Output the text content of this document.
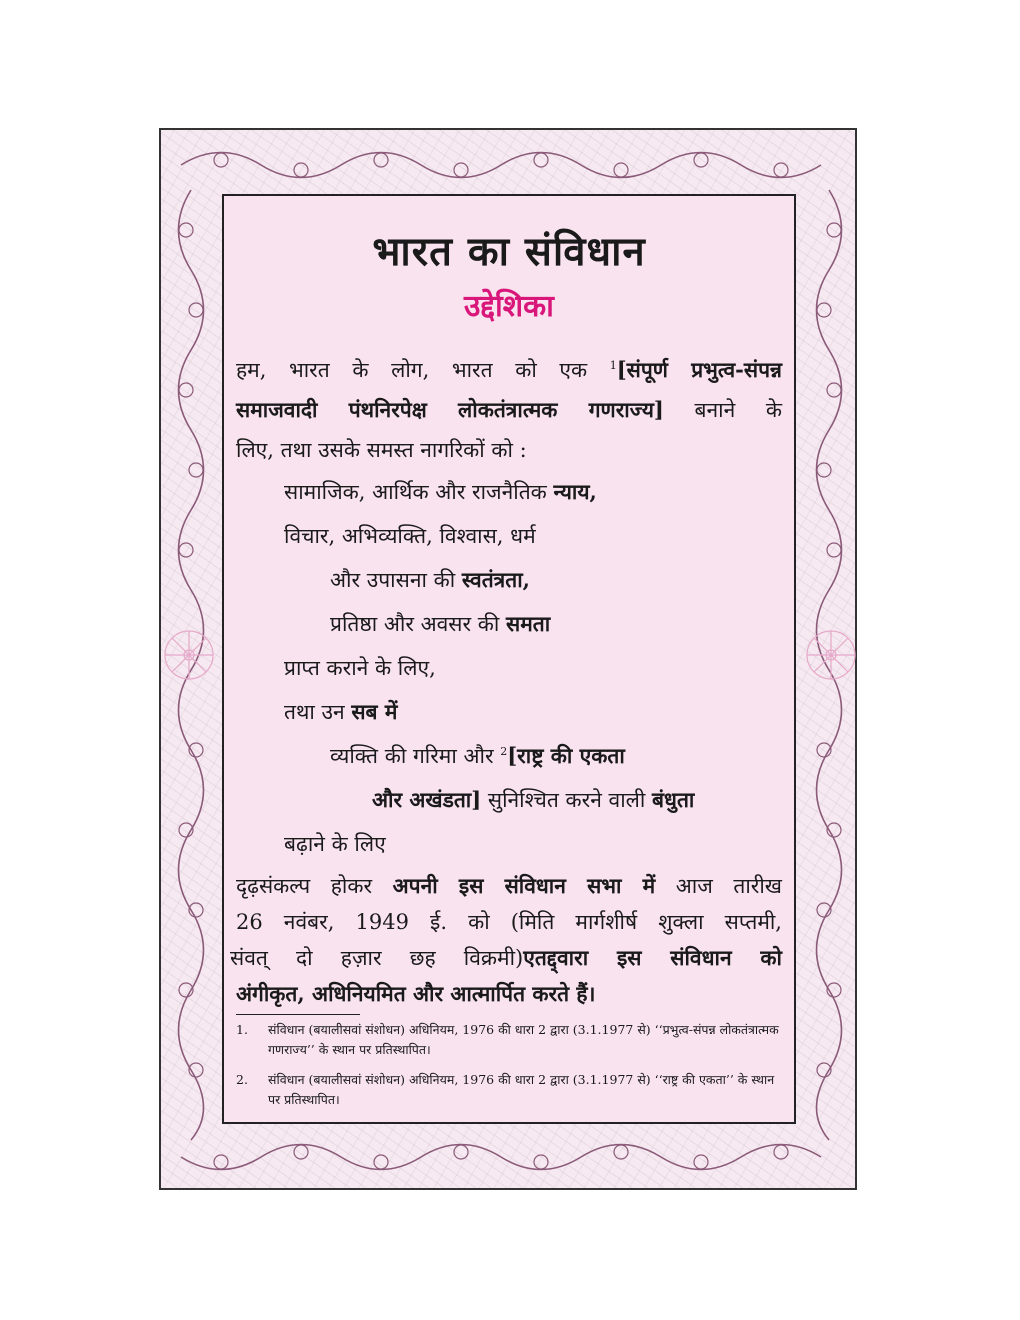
भारत का संविधान
उद्देशिका
हम, भारत के लोग, भारत को एक $^1$[संपूर्ण प्रभुत्व-संपन्न
समाजवादी पंथनिरपेक्ष लोकतंत्रात्मक गणराज्य] बनाने के
लिए, तथा उसके समस्त नागरिकों को :
सामाजिक, आर्थिक और राजनैतिक न्याय,
विचार, अभिव्यक्ति, विश्वास, धर्म
और उपासना की स्वतंत्रता,
प्रतिष्ठा और अवसर की समता
प्राप्त कराने के लिए,
तथा उन सब में
व्यक्ति की गरिमा और $^2$[राष्ट्र की एकता
और अखंडता] सुनिश्चित करने वाली बंधुता
बढ़ाने के लिए
दृढ़संकल्प होकर अपनी इस संविधान सभा में आज तारीख
26 नवंबर, 1949 ई. को (मिति मार्गशीर्ष शुक्ला सप्तमी,
संवत् दो हज़ार छह विक्रमी)एतद्द्वारा इस संविधान को
अंगीकृत, अधिनियमित और आत्मार्पित करते हैं।
1. संविधान (बयालीसवां संशोधन) अधिनियम, 1976 की धारा 2 द्वारा (3.1.1977 से) ‘‘प्रभुत्व-संपन्न लोकतंत्रात्मक गणराज्य’’ के स्थान पर प्रतिस्थापित।
2. संविधान (बयालीसवां संशोधन) अधिनियम, 1976 की धारा 2 द्वारा (3.1.1977 से) ‘‘राष्ट्र की एकता’’ के स्थान पर प्रतिस्थापित।
